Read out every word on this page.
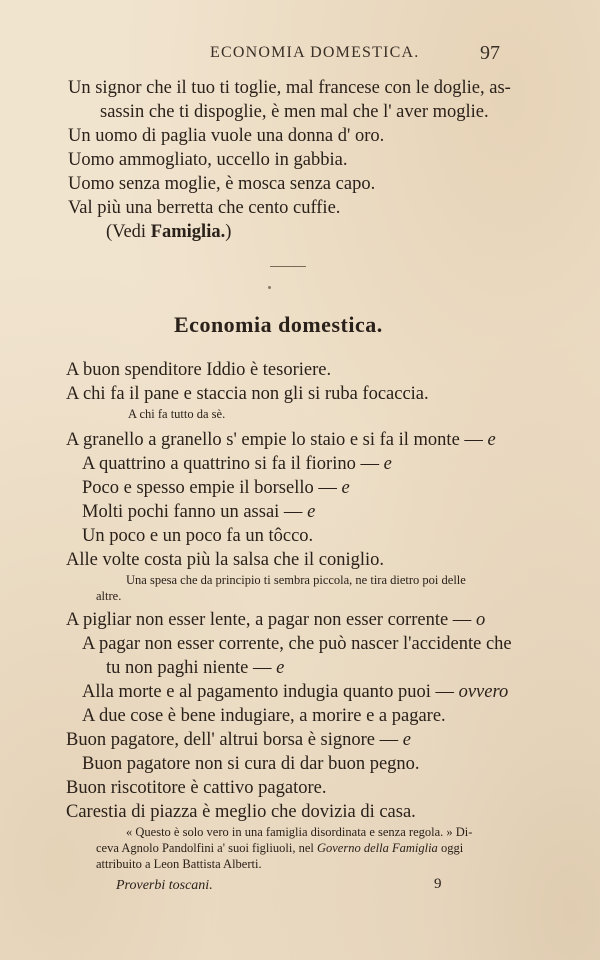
ECONOMIA DOMESTICA.	97
Un signor che il tuo ti toglie, mal francese con le doglie, as-
sassin che ti dispoglie, è men mal che l' aver moglie.
Un uomo di paglia vuole una donna d' oro.
Uomo ammogliato, uccello in gabbia.
Uomo senza moglie, è mosca senza capo.
Val più una berretta che cento cuffie.
(Vedi Famiglia.)
Economia domestica.
A buon spenditore Iddio è tesoriere.
A chi fa il pane e staccia non gli si ruba focaccia.
A chi fa tutto da sè.
A granello a granello s' empie lo staio e si fa il monte — e
A quattrino a quattrino si fa il fiorino — e
Poco e spesso empie il borsello — e
Molti pochi fanno un assai — e
Un poco e un poco fa un tôcco.
Alle volte costa più la salsa che il coniglio.
Una spesa che da principio ti sembra piccola, ne tira dietro poi delle
altre.
A pigliar non esser lente, a pagar non esser corrente — o
A pagar non esser corrente, che può nascer l'accidente che
tu non paghi niente — e
Alla morte e al pagamento indugia quanto puoi — ovvero
A due cose è bene indugiare, a morire e a pagare.
Buon pagatore, dell' altrui borsa è signore — e
Buon pagatore non si cura di dar buon pegno.
Buon riscotitore è cattivo pagatore.
Carestia di piazza è meglio che dovizia di casa.
« Questo è solo vero in una famiglia disordinata e senza regola. » Di-
ceva Agnolo Pandolfini a' suoi figliuoli, nel Governo della Famiglia oggi
attribuito a Leon Battista Alberti.
Proverbi toscani.	9
